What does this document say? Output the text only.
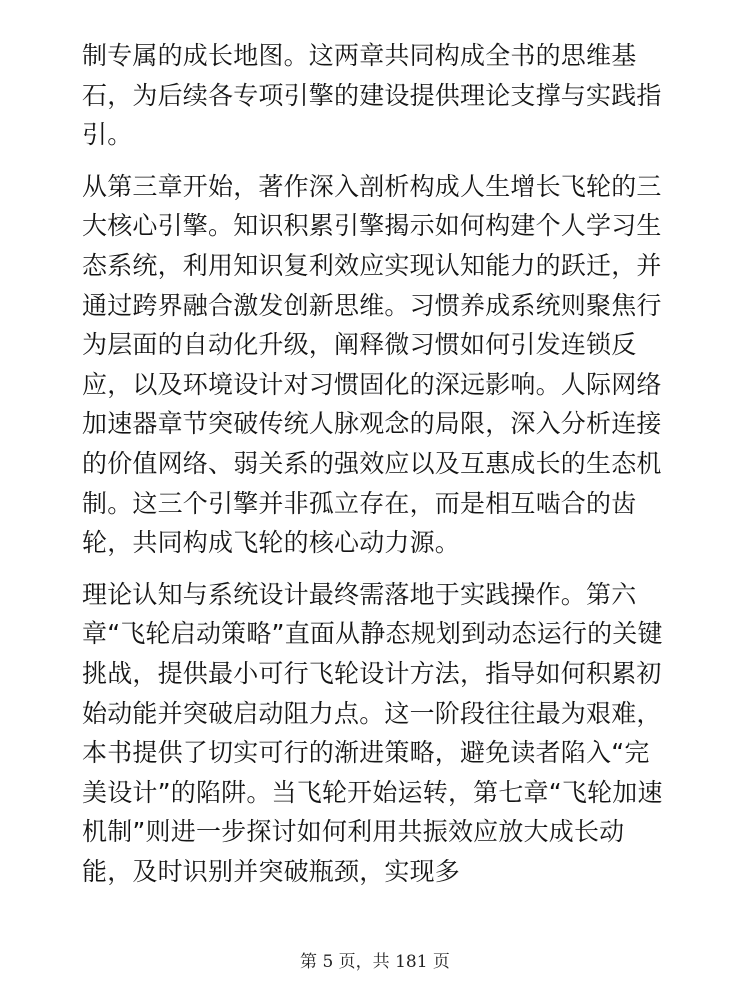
制专属的成长地图。这两章共同构成全书的思维基石，为后续各专项引擎的建设提供理论支撑与实践指引。

从第三章开始，著作深入剖析构成人生增长飞轮的三大核心引擎。知识积累引擎揭示如何构建个人学习生态系统，利用知识复利效应实现认知能力的跃迁，并通过跨界融合激发创新思维。习惯养成系统则聚焦行为层面的自动化升级，阐释微习惯如何引发连锁反应，以及环境设计对习惯固化的深远影响。人际网络加速器章节突破传统人脉观念的局限，深入分析连接的价值网络、弱关系的强效应以及互惠成长的生态机制。这三个引擎并非孤立存在，而是相互啮合的齿轮，共同构成飞轮的核心动力源。

理论认知与系统设计最终需落地于实践操作。第六章“飞轮启动策略”直面从静态规划到动态运行的关键挑战，提供最小可行飞轮设计方法，指导如何积累初始动能并突破启动阻力点。这一阶段往往最为艰难，本书提供了切实可行的渐进策略，避免读者陷入“完美设计”的陷阱。当飞轮开始运转，第七章“飞轮加速机制”则进一步探讨如何利用共振效应放大成长动能，及时识别并突破瓶颈，实现多

第 5 页，共 181 页
